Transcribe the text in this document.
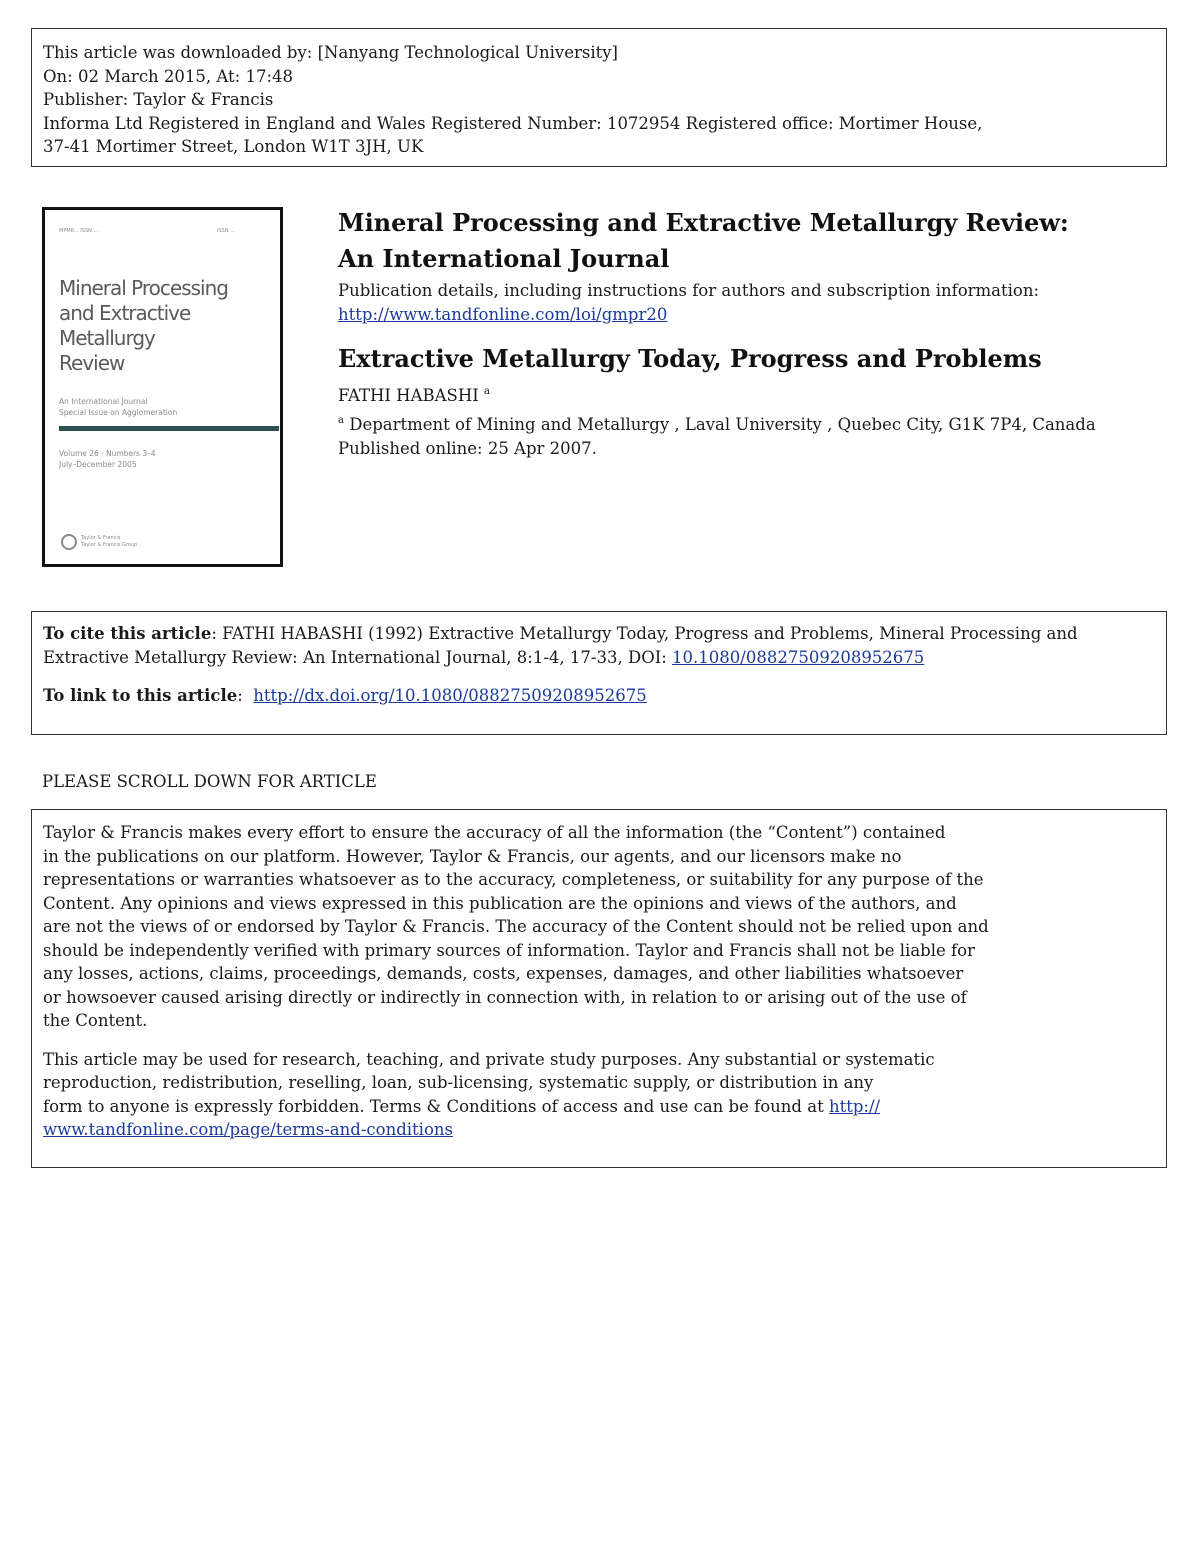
This article was downloaded by: [Nanyang Technological University]
On: 02 March 2015, At: 17:48
Publisher: Taylor & Francis
Informa Ltd Registered in England and Wales Registered Number: 1072954 Registered office: Mortimer House,
37-41 Mortimer Street, London W1T 3JH, UK
MPMR... ISSN ...	ISSN ...
Mineral Processing
and Extractive
Metallurgy
Review
An International Journal
Special Issue on Agglomeration
Volume 26 · Numbers 3–4
July–December 2005
Taylor & Francis
Taylor & Francis Group
Mineral Processing and Extractive Metallurgy Review:
An International Journal
Publication details, including instructions for authors and subscription information:
http://www.tandfonline.com/loi/gmpr20
Extractive Metallurgy Today, Progress and Problems
FATHI HABASHI $^a$
$^a$ Department of Mining and Metallurgy , Laval University , Quebec City, G1K 7P4, Canada
Published online: 25 Apr 2007.
To cite this article: FATHI HABASHI (1992) Extractive Metallurgy Today, Progress and Problems, Mineral Processing and
Extractive Metallurgy Review: An International Journal, 8:1-4, 17-33, DOI: 10.1080/08827509208952675
To link to this article:  http://dx.doi.org/10.1080/08827509208952675
PLEASE SCROLL DOWN FOR ARTICLE
Taylor & Francis makes every effort to ensure the accuracy of all the information (the “Content”) contained
in the publications on our platform. However, Taylor & Francis, our agents, and our licensors make no
representations or warranties whatsoever as to the accuracy, completeness, or suitability for any purpose of the
Content. Any opinions and views expressed in this publication are the opinions and views of the authors, and
are not the views of or endorsed by Taylor & Francis. The accuracy of the Content should not be relied upon and
should be independently verified with primary sources of information. Taylor and Francis shall not be liable for
any losses, actions, claims, proceedings, demands, costs, expenses, damages, and other liabilities whatsoever
or howsoever caused arising directly or indirectly in connection with, in relation to or arising out of the use of
the Content.
This article may be used for research, teaching, and private study purposes. Any substantial or systematic
reproduction, redistribution, reselling, loan, sub-licensing, systematic supply, or distribution in any
form to anyone is expressly forbidden. Terms & Conditions of access and use can be found at http://
www.tandfonline.com/page/terms-and-conditions
